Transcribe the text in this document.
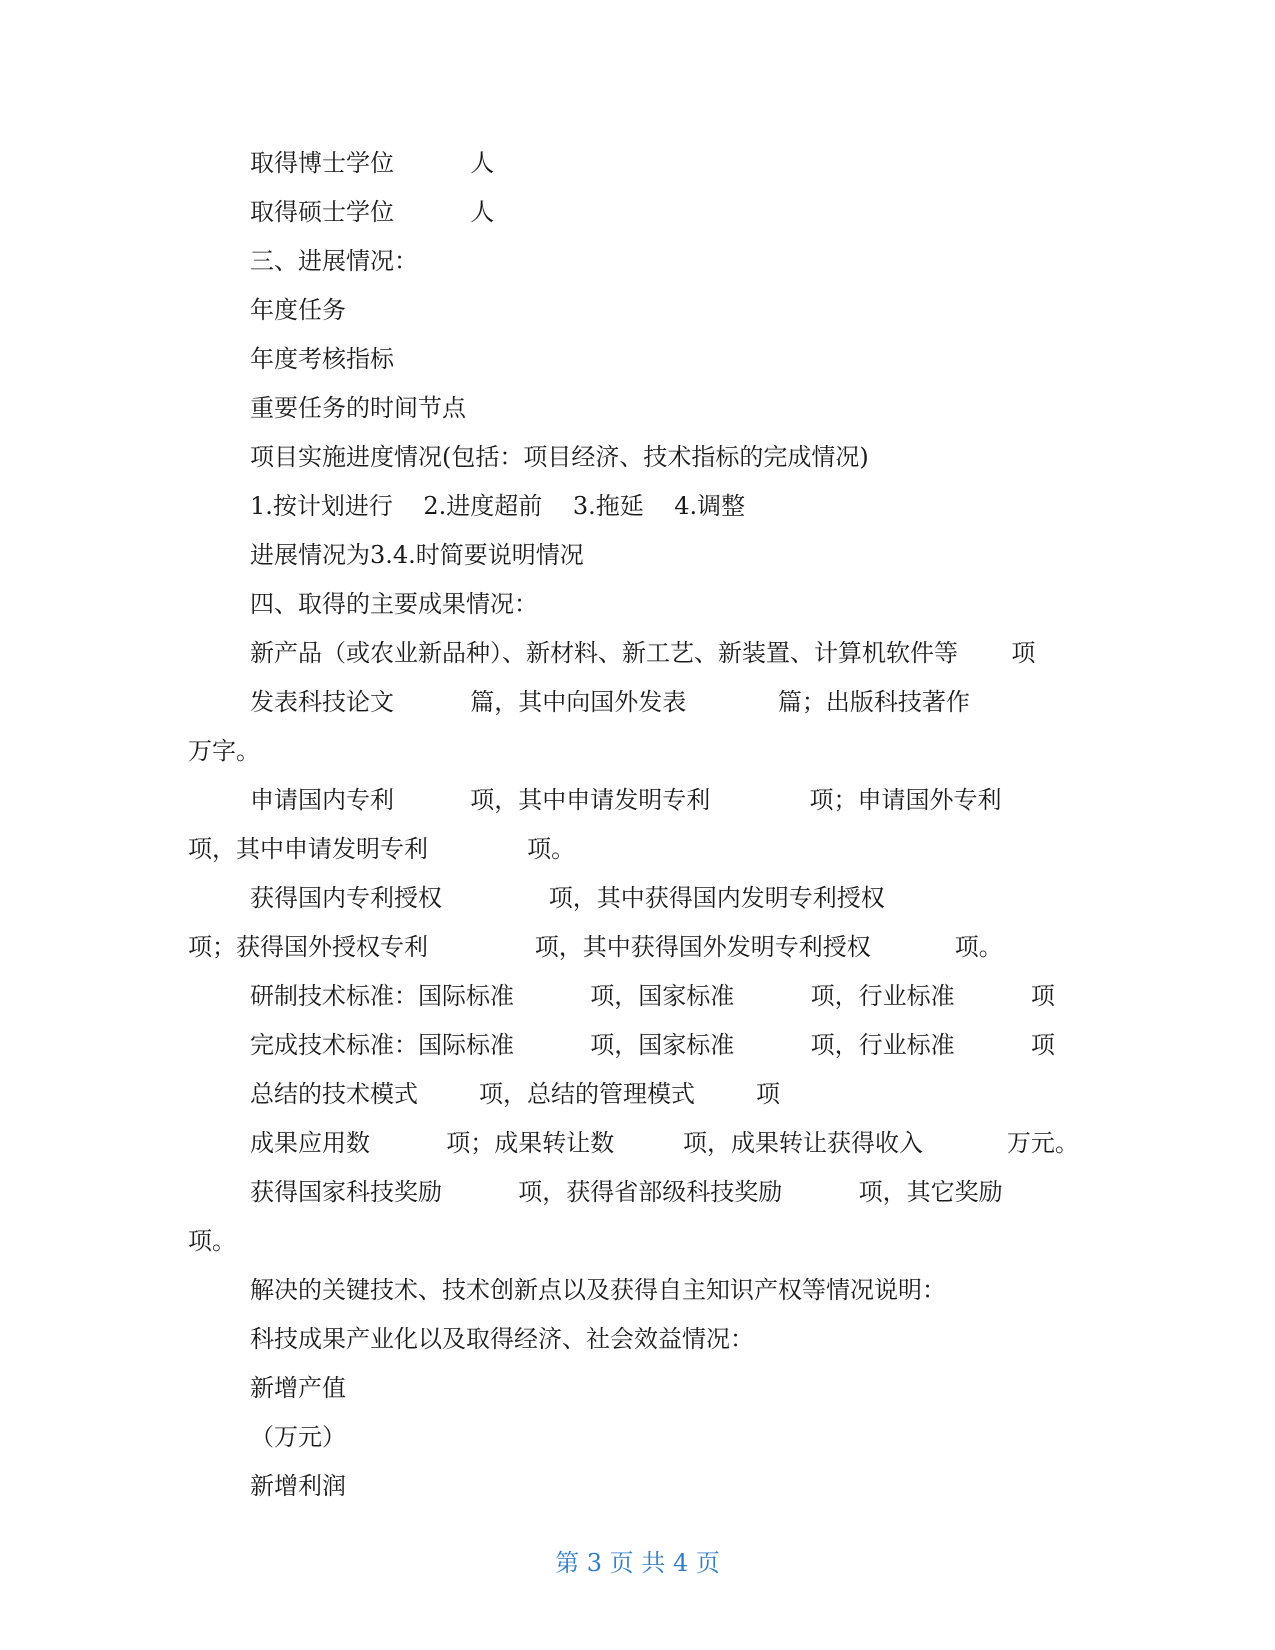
取得博士学位          人
取得硕士学位          人
三、进展情况：
年度任务
年度考核指标
重要任务的时间节点
项目实施进度情况(包括：项目经济、技术指标的完成情况)
1.按计划进行    2.进度超前    3.拖延    4.调整
进展情况为3.4.时简要说明情况
四、取得的主要成果情况：
新产品（或农业新品种）、新材料、新工艺、新装置、计算机软件等       项
发表科技论文          篇，其中向国外发表            篇；出版科技著作
万字。
申请国内专利          项，其中申请发明专利             项；申请国外专利
项，其中申请发明专利             项。
获得国内专利授权              项，其中获得国内发明专利授权
项；获得国外授权专利              项，其中获得国外发明专利授权           项。
研制技术标准：国际标准          项，国家标准          项，行业标准          项
完成技术标准：国际标准          项，国家标准          项，行业标准          项
总结的技术模式        项，总结的管理模式        项
成果应用数          项；成果转让数         项，成果转让获得收入           万元。
获得国家科技奖励          项，获得省部级科技奖励          项，其它奖励
项。
解决的关键技术、技术创新点以及获得自主知识产权等情况说明：
科技成果产业化以及取得经济、社会效益情况：
新增产值
（万元）
新增利润
第 3 页 共 4 页
